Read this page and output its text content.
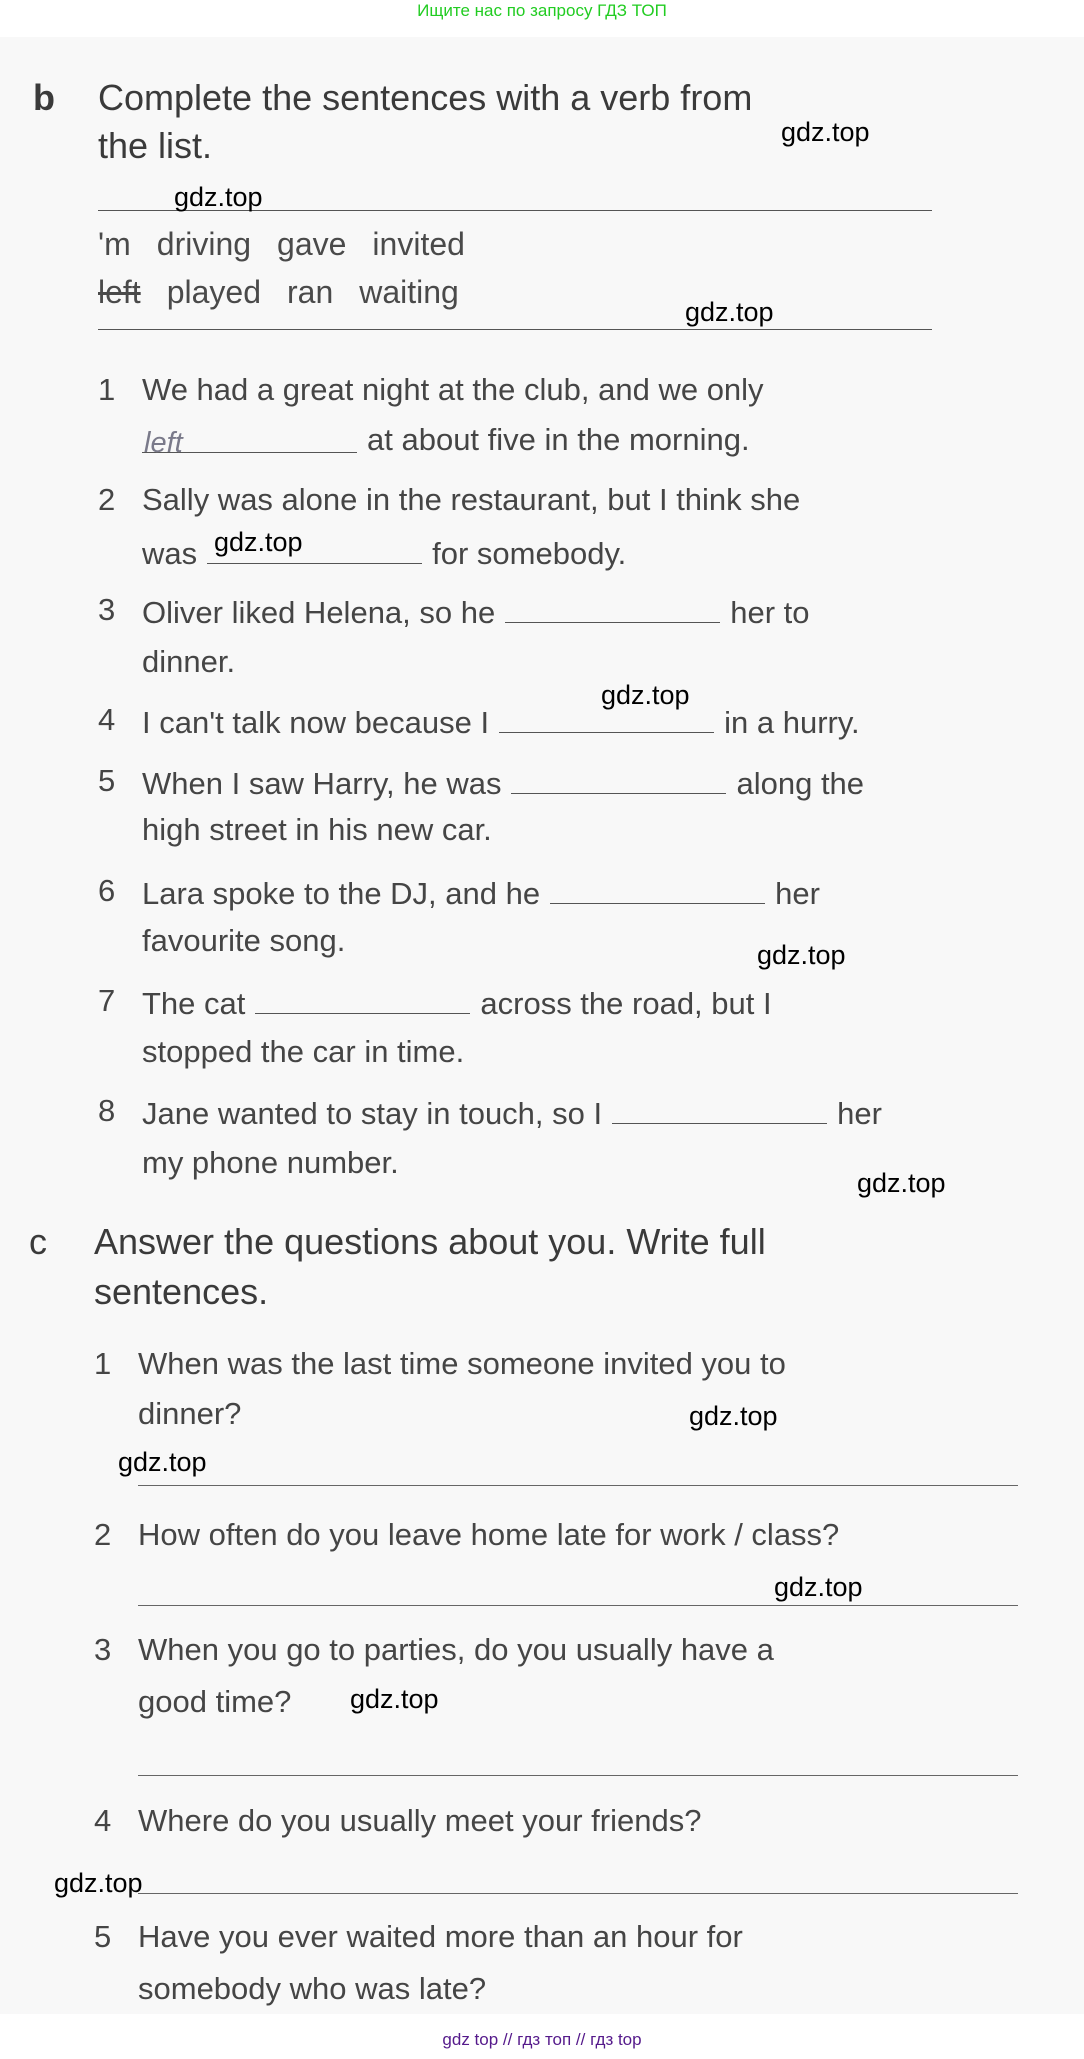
Ищите нас по запросу ГДЗ ТОП
b Complete the sentences with a verb from
the list.
'm driving gave invited
left played ran waiting
1 We had a great night at the club, and we only
left	at about five in the morning.
2 Sally was alone in the restaurant, but I think she
was	for somebody.
3 Oliver liked Helena, so he	her to
dinner.
4 I can't talk now because I	in a hurry.
5 When I saw Harry, he was	along the
high street in his new car.
6 Lara spoke to the DJ, and he	her
favourite song.
7 The cat	across the road, but I
stopped the car in time.
8 Jane wanted to stay in touch, so I	her
my phone number.
c Answer the questions about you. Write full
sentences.
1 When was the last time someone invited you to
dinner?
2 How often do you leave home late for work / class?
3 When you go to parties, do you usually have a
good time?
4 Where do you usually meet your friends?
5 Have you ever waited more than an hour for
somebody who was late?
gdz.top
gdz.top
gdz.top
gdz.top
gdz.top
gdz.top
gdz.top
gdz.top
gdz.top
gdz.top
gdz.top
gdz.top
gdz top // гдз топ // гдз top
